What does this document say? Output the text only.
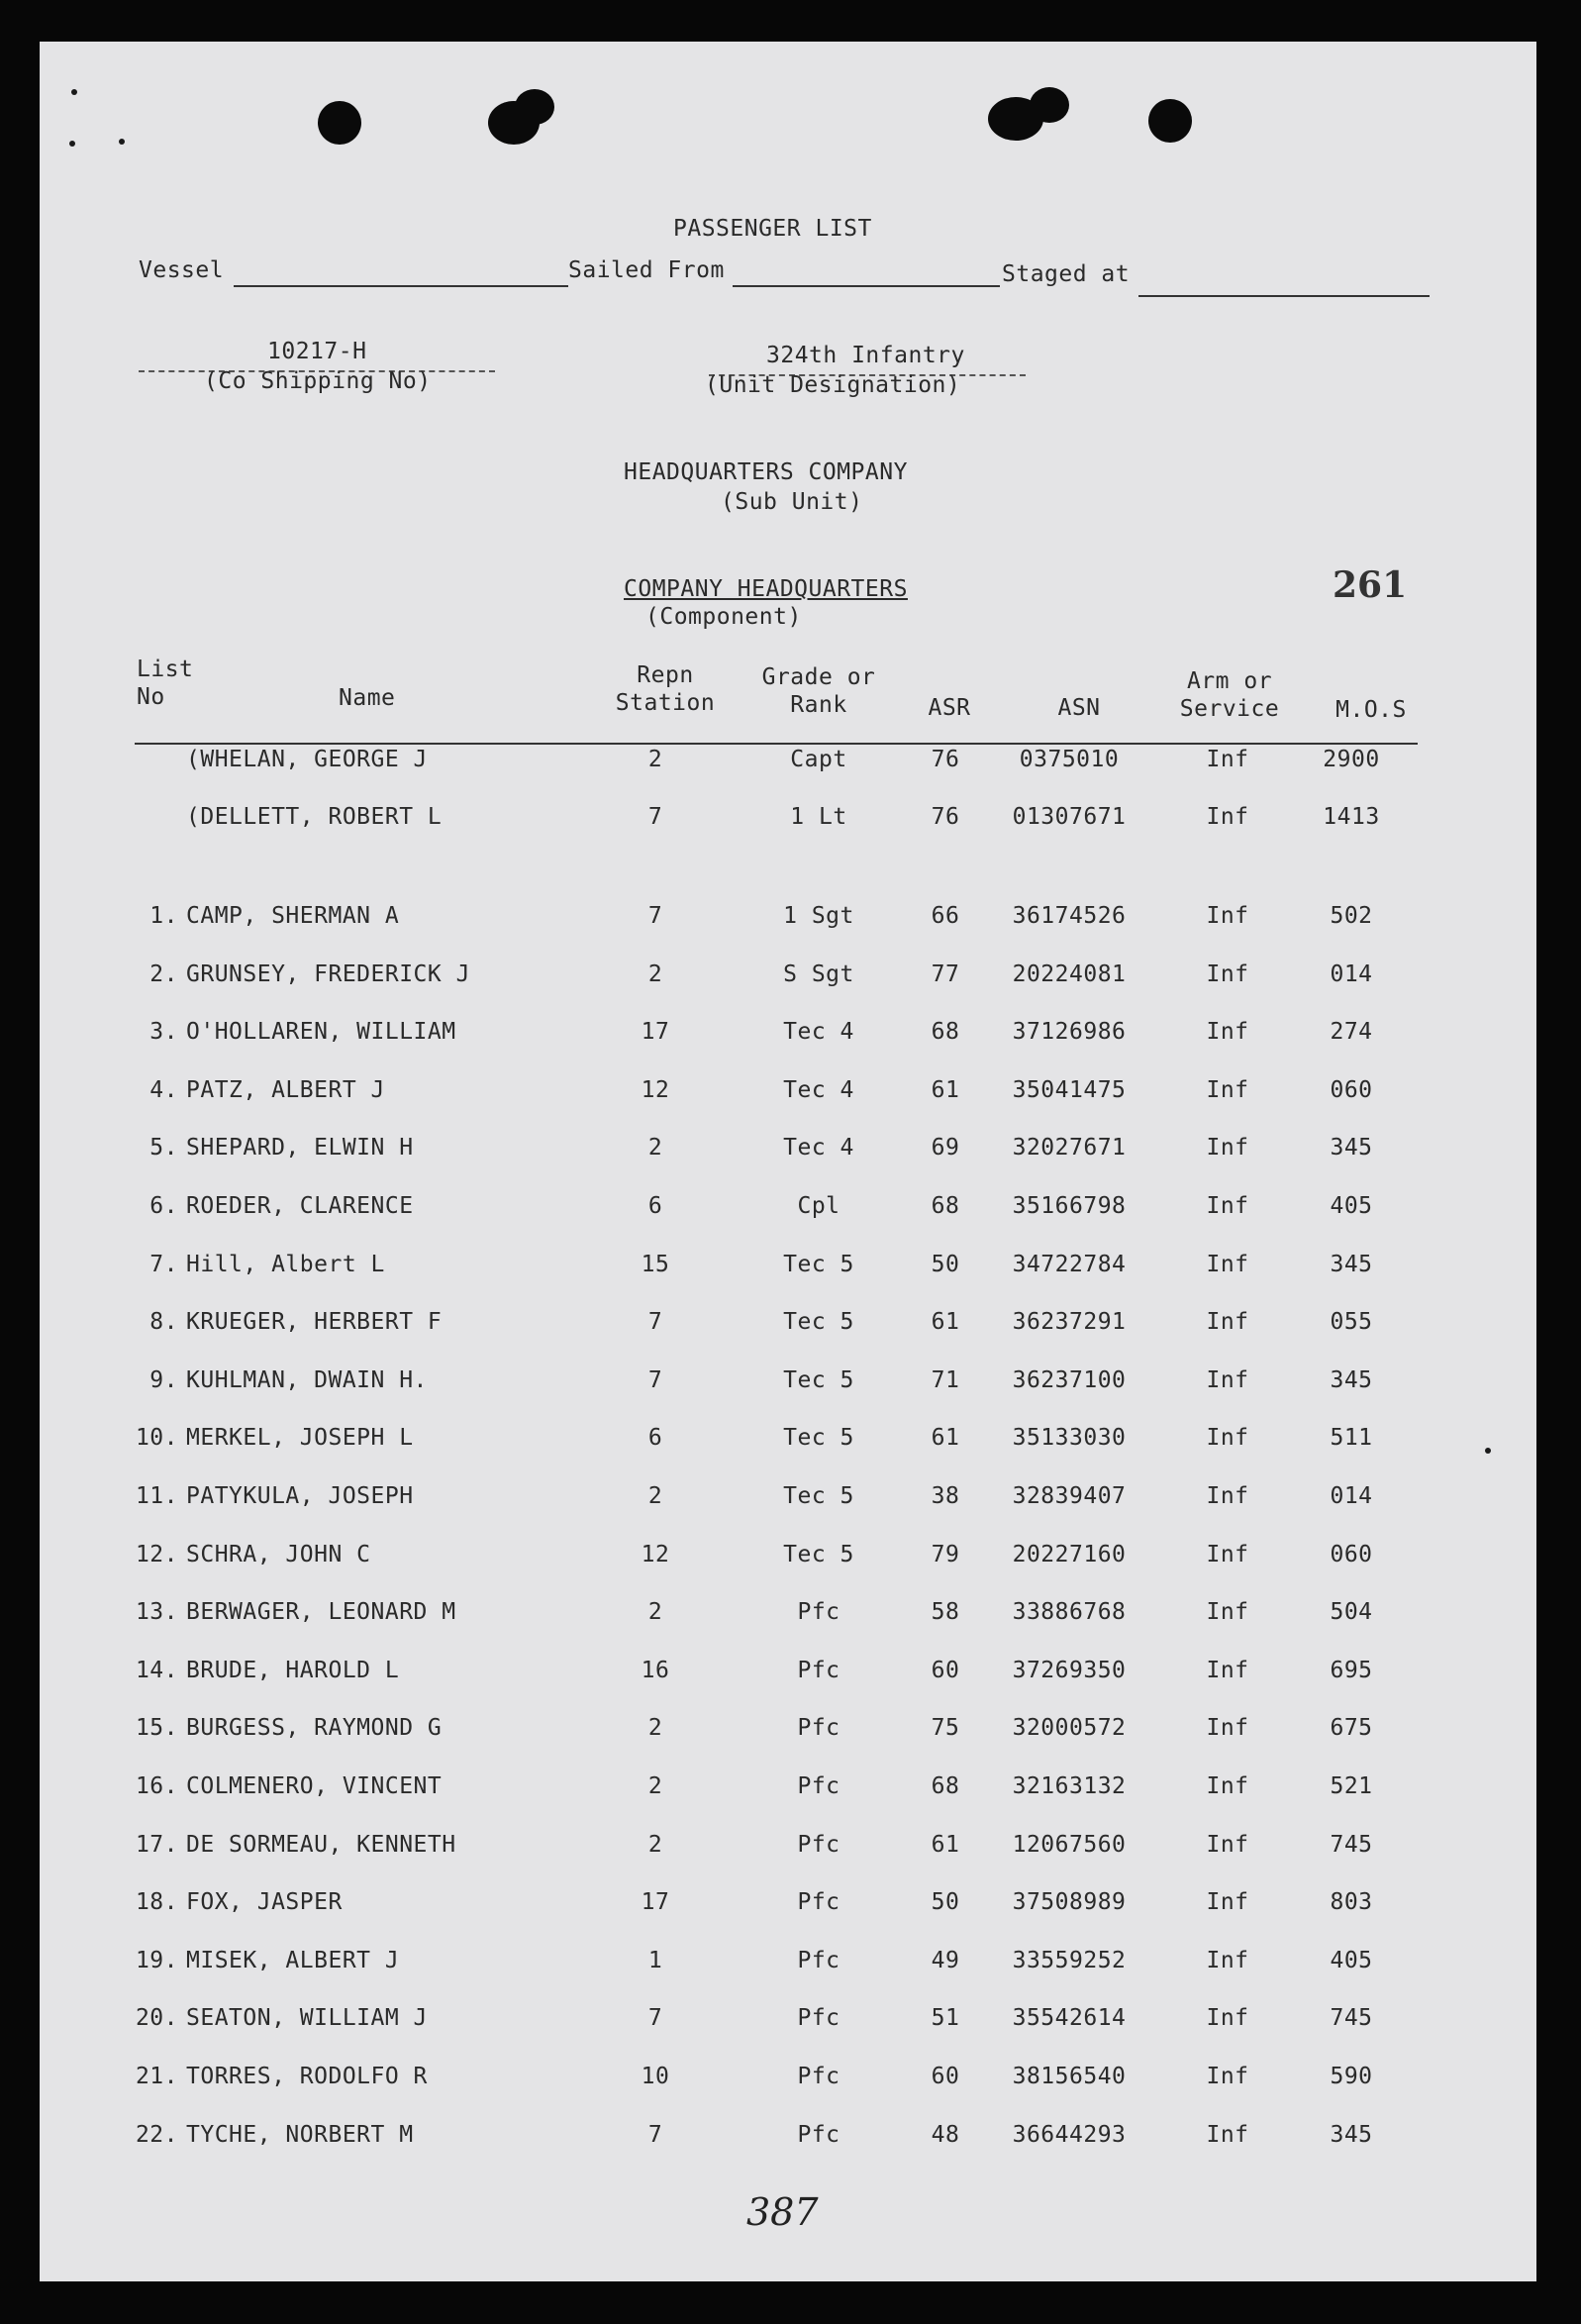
PASSENGER LIST
Vessel	Sailed From	Staged at
10217-H
(Co Shipping No)
324th Infantry
(Unit Designation)
HEADQUARTERS COMPANY
(Sub Unit)
COMPANY HEADQUARTERS
(Component)
261
List
No	Name
Repn
Station
Grade or
Rank	ASR	ASN
Arm or
Service	M.O.S
(WHELAN, GEORGE J	2	Capt	76	0375010	Inf	2900
(DELLETT, ROBERT L	7	1 Lt	76	01307671	Inf	1413
1. CAMP, SHERMAN A	7	1 Sgt	66	36174526	Inf	502
2. GRUNSEY, FREDERICK J	2	S Sgt	77	20224081	Inf	014
3. O'HOLLAREN, WILLIAM	17	Tec 4	68	37126986	Inf	274
4. PATZ, ALBERT J	12	Tec 4	61	35041475	Inf	060
5. SHEPARD, ELWIN H	2	Tec 4	69	32027671	Inf	345
6. ROEDER, CLARENCE	6	Cpl	68	35166798	Inf	405
7. Hill, Albert L	15	Tec 5	50	34722784	Inf	345
8. KRUEGER, HERBERT F	7	Tec 5	61	36237291	Inf	055
9. KUHLMAN, DWAIN H.	7	Tec 5	71	36237100	Inf	345
10. MERKEL, JOSEPH L	6	Tec 5	61	35133030	Inf	511
11. PATYKULA, JOSEPH	2	Tec 5	38	32839407	Inf	014
12. SCHRA, JOHN C	12	Tec 5	79	20227160	Inf	060
13. BERWAGER, LEONARD M	2	Pfc	58	33886768	Inf	504
14. BRUDE, HAROLD L	16	Pfc	60	37269350	Inf	695
15. BURGESS, RAYMOND G	2	Pfc	75	32000572	Inf	675
16. COLMENERO, VINCENT	2	Pfc	68	32163132	Inf	521
17. DE SORMEAU, KENNETH	2	Pfc	61	12067560	Inf	745
18. FOX, JASPER	17	Pfc	50	37508989	Inf	803
19. MISEK, ALBERT J	1	Pfc	49	33559252	Inf	405
20. SEATON, WILLIAM J	7	Pfc	51	35542614	Inf	745
21. TORRES, RODOLFO R	10	Pfc	60	38156540	Inf	590
22. TYCHE, NORBERT M	7	Pfc	48	36644293	Inf	345
387
